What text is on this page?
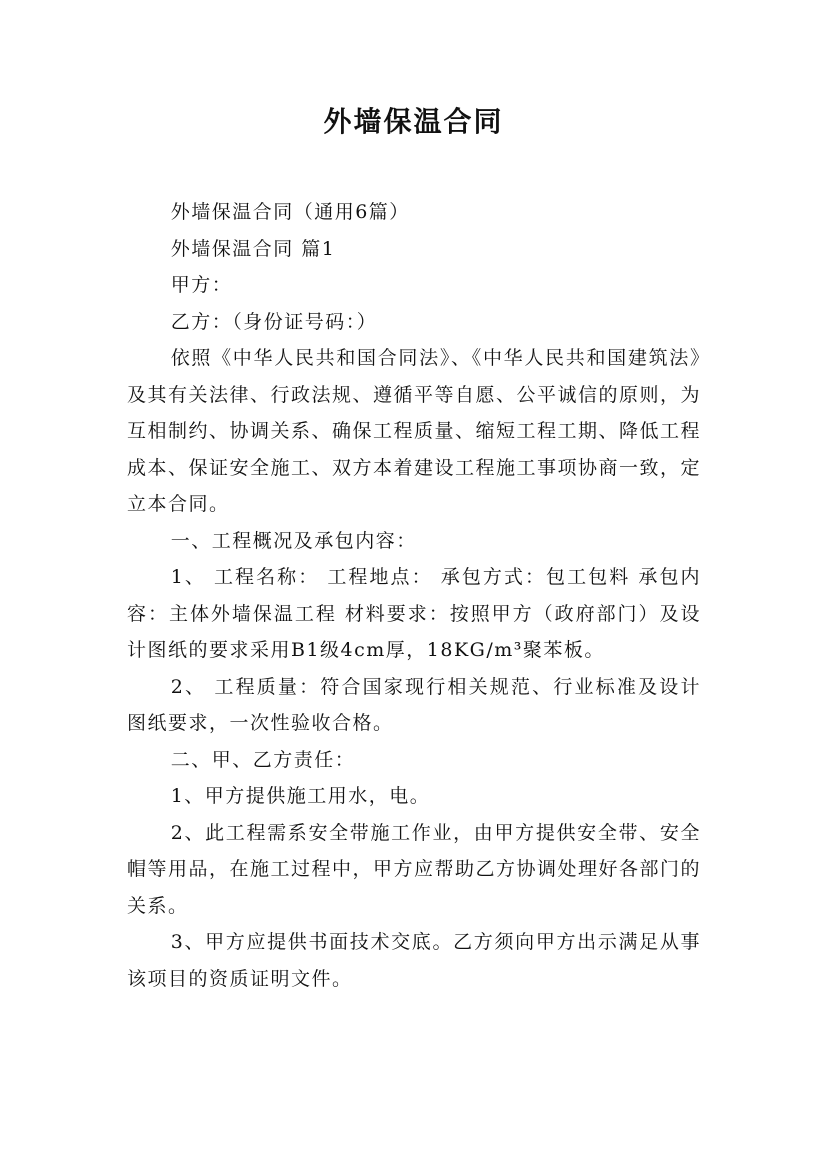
外墙保温合同

外墙保温合同（通用6篇）

外墙保温合同 篇1

甲方：

乙方：（身份证号码：）

依照《中华人民共和国合同法》、《中华人民共和国建筑法》及其有关法律、行政法规、遵循平等自愿、公平诚信的原则，为互相制约、协调关系、确保工程质量、缩短工程工期、降低工程成本、保证安全施工、双方本着建设工程施工事项协商一致，定立本合同。

一、工程概况及承包内容：

1、 工程名称： 工程地点： 承包方式：包工包料 承包内容：主体外墙保温工程 材料要求：按照甲方（政府部门）及设计图纸的要求采用B1级4cm厚，18KG/m³聚苯板。

2、 工程质量：符合国家现行相关规范、行业标准及设计图纸要求，一次性验收合格。

二、甲、乙方责任：

1、甲方提供施工用水，电。

2、此工程需系安全带施工作业，由甲方提供安全带、安全帽等用品，在施工过程中，甲方应帮助乙方协调处理好各部门的关系。

3、甲方应提供书面技术交底。乙方须向甲方出示满足从事该项目的资质证明文件。
